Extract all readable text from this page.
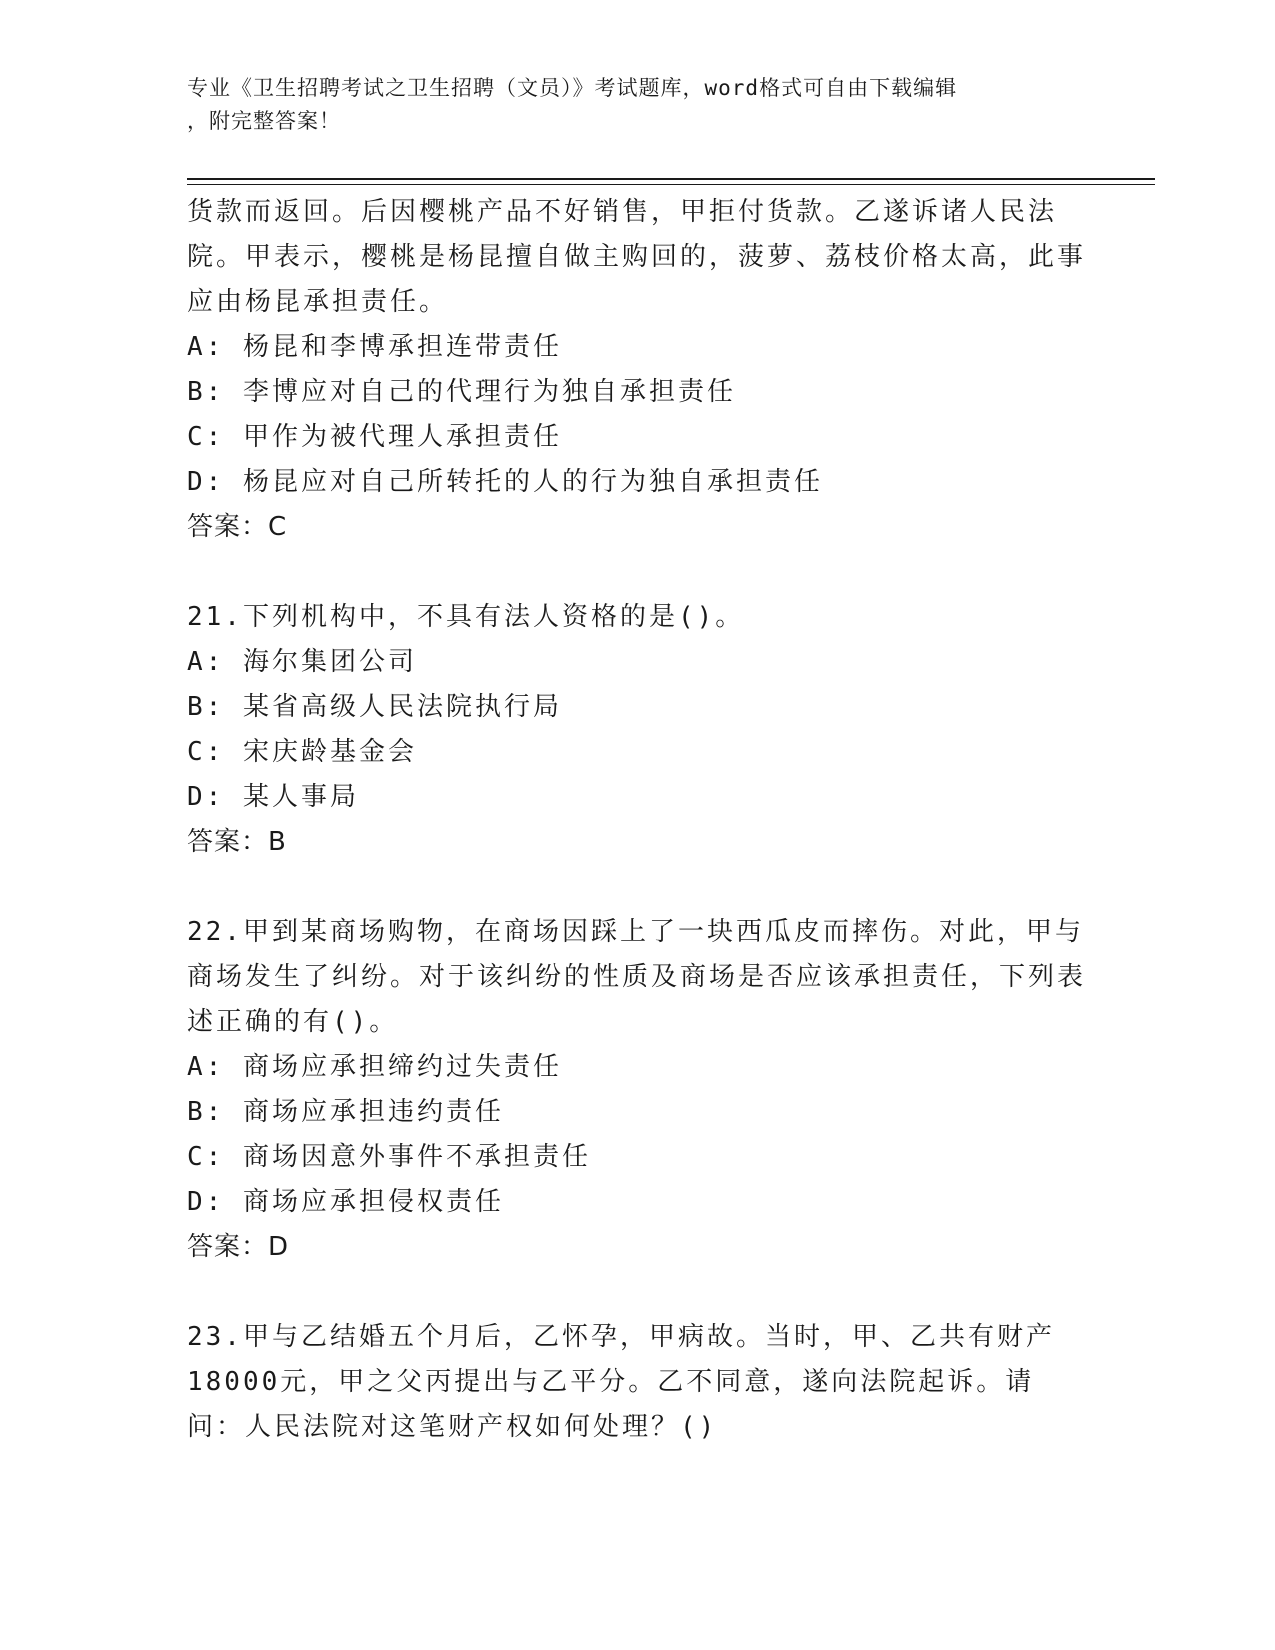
专业《卫生招聘考试之卫生招聘（文员）》考试题库，word格式可自由下载编辑
，附完整答案！
货款而返回。后因樱桃产品不好销售，甲拒付货款。乙遂诉诸人民法院。甲表示，樱桃是杨昆擅自做主购回的，菠萝、荔枝价格太高，此事应由杨昆承担责任。
A: 杨昆和李博承担连带责任
B: 李博应对自己的代理行为独自承担责任
C: 甲作为被代理人承担责任
D: 杨昆应对自己所转托的人的行为独自承担责任
答案：C
21.下列机构中，不具有法人资格的是()。
A: 海尔集团公司
B: 某省高级人民法院执行局
C: 宋庆龄基金会
D: 某人事局
答案：B
22.甲到某商场购物，在商场因踩上了一块西瓜皮而摔伤。对此，甲与商场发生了纠纷。对于该纠纷的性质及商场是否应该承担责任，下列表述正确的有()。
A: 商场应承担缔约过失责任
B: 商场应承担违约责任
C: 商场因意外事件不承担责任
D: 商场应承担侵权责任
答案：D
23.甲与乙结婚五个月后，乙怀孕，甲病故。当时，甲、乙共有财产18000元，甲之父丙提出与乙平分。乙不同意，遂向法院起诉。请问：人民法院对这笔财产权如何处理？()
